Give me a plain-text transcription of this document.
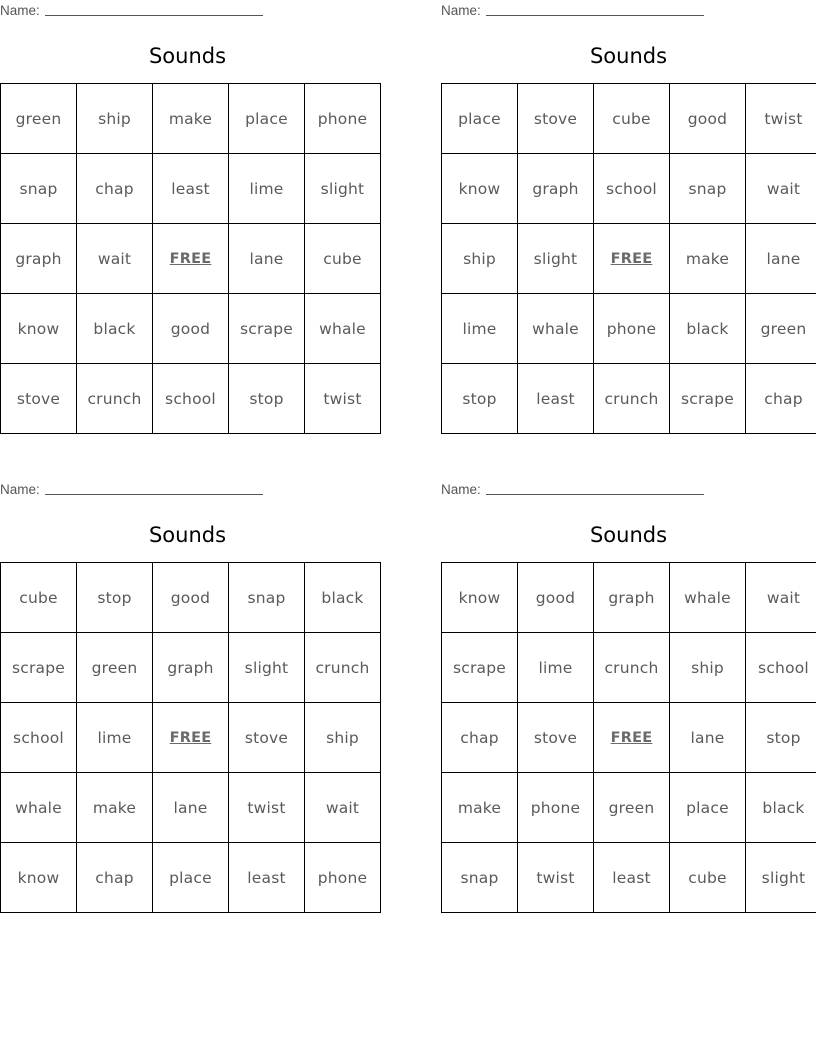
Name:
Sounds
green	ship	make	place	phone
snap	chap	least	lime	slight
graph	wait	FREE	lane	cube
know	black	good	scrape	whale
stove	crunch	school	stop	twist
Name:
Sounds
place	stove	cube	good	twist
know	graph	school	snap	wait
ship	slight	FREE	make	lane
lime	whale	phone	black	green
stop	least	crunch	scrape	chap
Name:
Sounds
cube	stop	good	snap	black
scrape	green	graph	slight	crunch
school	lime	FREE	stove	ship
whale	make	lane	twist	wait
know	chap	place	least	phone
Name:
Sounds
know	good	graph	whale	wait
scrape	lime	crunch	ship	school
chap	stove	FREE	lane	stop
make	phone	green	place	black
snap	twist	least	cube	slight
